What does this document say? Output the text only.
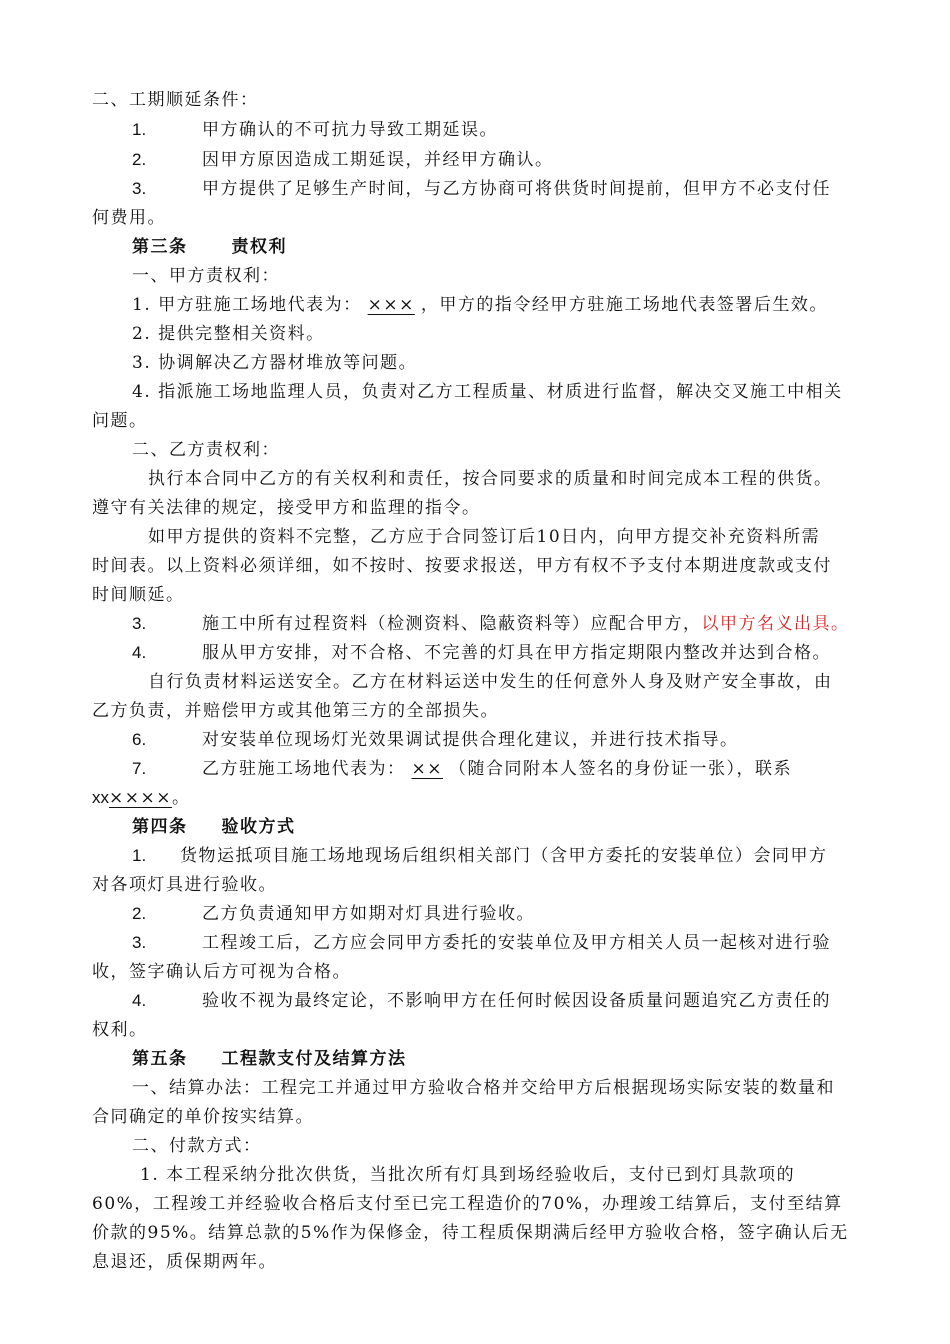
二、工期顺延条件：
1.	甲方确认的不可抗力导致工期延误。
2.	因甲方原因造成工期延误，并经甲方确认。
3.	甲方提供了足够生产时间，与乙方协商可将供货时间提前，但甲方不必支付任
何费用。
第三条	责权利
一、甲方责权利：
1. 甲方驻施工场地代表为： ××× ，甲方的指令经甲方驻施工场地代表签署后生效。
2. 提供完整相关资料。
3. 协调解决乙方器材堆放等问题。
4. 指派施工场地监理人员，负责对乙方工程质量、材质进行监督，解决交叉施工中相关
问题。
二、乙方责权利：
执行本合同中乙方的有关权利和责任，按合同要求的质量和时间完成本工程的供货。
遵守有关法律的规定，接受甲方和监理的指令。
如甲方提供的资料不完整，乙方应于合同签订后10日内，向甲方提交补充资料所需
时间表。以上资料必须详细，如不按时、按要求报送，甲方有权不予支付本期进度款或支付
时间顺延。
3.	施工中所有过程资料（检测资料、隐蔽资料等）应配合甲方，以甲方名义出具。
4.	服从甲方安排，对不合格、不完善的灯具在甲方指定期限内整改并达到合格。
自行负责材料运送安全。乙方在材料运送中发生的任何意外人身及财产安全事故，由
乙方负责，并赔偿甲方或其他第三方的全部损失。
6.	对安装单位现场灯光效果调试提供合理化建议，并进行技术指导。
7.	乙方驻施工场地代表为： ×× （随合同附本人签名的身份证一张），联系
xx××××。
第四条 验收方式
1. 货物运抵项目施工场地现场后组织相关部门（含甲方委托的安装单位）会同甲方
对各项灯具进行验收。
2.	乙方负责通知甲方如期对灯具进行验收。
3.	工程竣工后，乙方应会同甲方委托的安装单位及甲方相关人员一起核对进行验
收，签字确认后方可视为合格。
4.	验收不视为最终定论，不影响甲方在任何时候因设备质量问题追究乙方责任的
权利。
第五条 工程款支付及结算方法
一、结算办法：工程完工并通过甲方验收合格并交给甲方后根据现场实际安装的数量和
合同确定的单价按实结算。
二、付款方式：
1. 本工程采纳分批次供货，当批次所有灯具到场经验收后，支付已到灯具款项的
60%，工程竣工并经验收合格后支付至已完工程造价的70%，办理竣工结算后，支付至结算
价款的95%。结算总款的5%作为保修金，待工程质保期满后经甲方验收合格，签字确认后无
息退还，质保期两年。
